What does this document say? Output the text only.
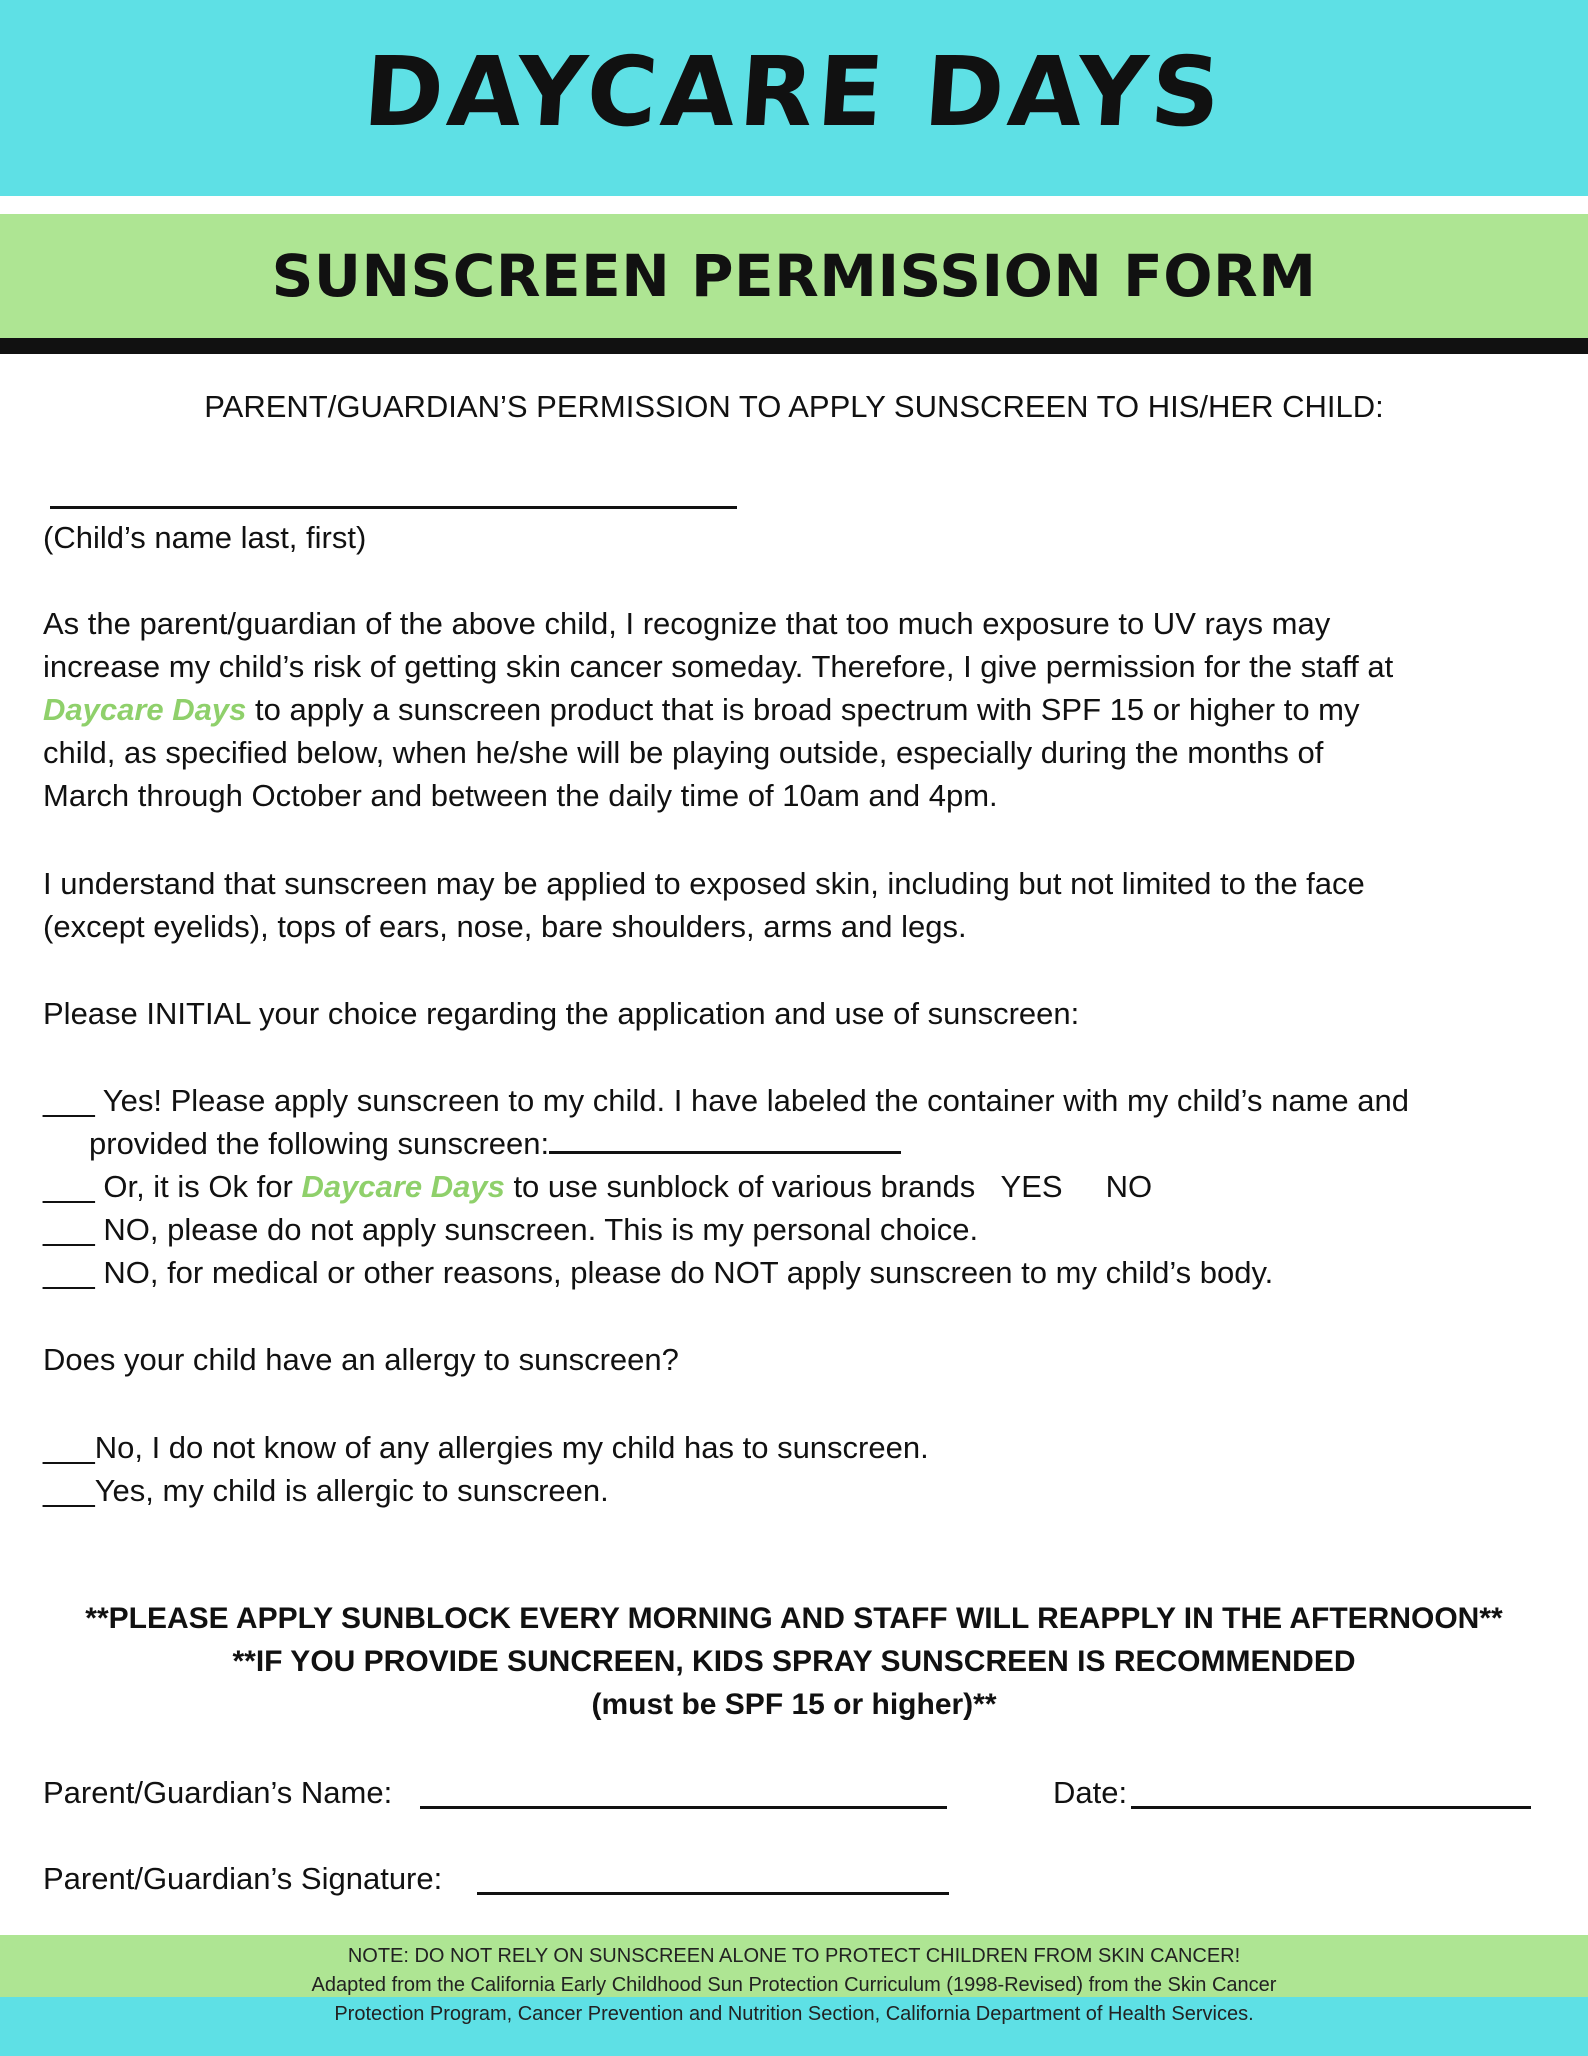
DAYCARE DAYS
SUNSCREEN PERMISSION FORM
PARENT/GUARDIAN’S PERMISSION TO APPLY SUNSCREEN TO HIS/HER CHILD:
(Child’s name last, first)
As the parent/guardian of the above child, I recognize that too much exposure to UV rays may
increase my child’s risk of getting skin cancer someday. Therefore, I give permission for the staff at
Daycare Days to apply a sunscreen product that is broad spectrum with SPF 15 or higher to my
child, as specified below, when he/she will be playing outside, especially during the months of
March through October and between the daily time of 10am and 4pm.
I understand that sunscreen may be applied to exposed skin, including but not limited to the face
(except eyelids), tops of ears, nose, bare shoulders, arms and legs.
Please INITIAL your choice regarding the application and use of sunscreen:
___ Yes! Please apply sunscreen to my child. I have labeled the container with my child’s name and
provided the following sunscreen:
___ Or, it is Ok for Daycare Days to use sunblock of various brands   YES     NO
___ NO, please do not apply sunscreen. This is my personal choice.
___ NO, for medical or other reasons, please do NOT apply sunscreen to my child’s body.
Does your child have an allergy to sunscreen?
___No, I do not know of any allergies my child has to sunscreen.
___Yes, my child is allergic to sunscreen.
**PLEASE APPLY SUNBLOCK EVERY MORNING AND STAFF WILL REAPPLY IN THE AFTERNOON**
**IF YOU PROVIDE SUNCREEN, KIDS SPRAY SUNSCREEN IS RECOMMENDED
(must be SPF 15 or higher)**
Parent/Guardian’s Name:	Date:
Parent/Guardian’s Signature:
NOTE: DO NOT RELY ON SUNSCREEN ALONE TO PROTECT CHILDREN FROM SKIN CANCER!
Adapted from the California Early Childhood Sun Protection Curriculum (1998-Revised) from the Skin Cancer
Protection Program, Cancer Prevention and Nutrition Section, California Department of Health Services.
